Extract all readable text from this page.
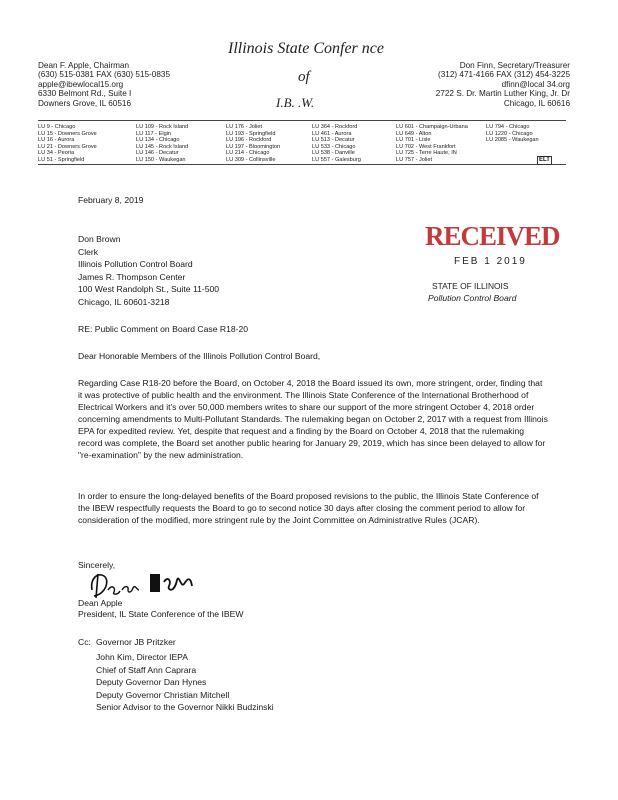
Illinois State Confer nce
of
I.B. .W.
Dean F. Apple, Chairman
(630) 515-0381 FAX (630) 515-0835
apple@ibewlocal15.org
6330 Belmont Rd., Suite I
Downers Grove, IL 60516
Don Finn, Secretary/Treasurer
(312) 471-4166 FAX (312) 454-3225
dfinn@local 34.org
2722 S. Dr. Martin Luther King, Jr. Dr
Chicago, IL 60616
LU 9 - Chicago
LU 15 - Downers Grove
LU 16 - Aurora
LU 21 - Downers Grove
LU 34 - Peoria
LU 51 - Springfield
LU 109 - Rock Island
LU 117 - Elgin
LU 134 - Chicago
LU 145 - Rock Island
LU 146 - Decatur
LU 150 - Waukegan
LU 176 - Joliet
LU 193 - Springfield
LU 196 - Rockford
LU 197 - Bloomington
LU 214 - Chicago
LU 309 - Collinsville
LU 364 - Rockford
LU 461 - Aurora
LU 513 - Decatur
LU 533 - Chicago
LU 538 - Danville
LU 557 - Galesburg
LU 601 - Champaign-Urbana
LU 649 - Alton
LU 701 - Lisle
LU 702 - West Frankfort
LU 725 - Terre Haute, IN
LU 757 - Joliet
LU 794 - Chicago
LU 1220 - Chicago
LU 2085 - Waukegan
ELT
February 8, 2019
Don Brown
Clerk
Illinois Pollution Control Board
James R. Thompson Center
100 West Randolph St., Suite 11-500
Chicago, IL 60601-3218
RECEIVED
FEB 1 2019
STATE OF ILLINOIS
Pollution Control Board
RE: Public Comment on Board Case R18-20
Dear Honorable Members of the Illinois Pollution Control Board,
Regarding Case R18-20 before the Board, on October 4, 2018 the Board issued its own, more stringent, order, finding that it was protective of public health and the environment. The Illinois State Conference of the International Brotherhood of Electrical Workers and it's over 50,000 members writes to share our support of the more stringent October 4, 2018 order concerning amendments to Multi-Pollutant Standards. The rulemaking began on October 2, 2017 with a request from Illinois EPA for expedited review. Yet, despite that request and a finding by the Board on October 4, 2018 that the rulemaking record was complete, the Board set another public hearing for January 29, 2019, which has since been delayed to allow for "re-examination" by the new administration.
In order to ensure the long-delayed benefits of the Board proposed revisions to the public, the Illinois State Conference of the IBEW respectfully requests the Board to go to second notice 30 days after closing the comment period to allow for consideration of the modified, more stringent rule by the Joint Committee on Administrative Rules (JCAR).
Sincerely,
Dean Apple
President, IL State Conference of the IBEW
Cc: Governor JB Pritzker
John Kim, Director IEPA
Chief of Staff Ann Caprara
Deputy Governor Dan Hynes
Deputy Governor Christian Mitchell
Senior Advisor to the Governor Nikki Budzinski
